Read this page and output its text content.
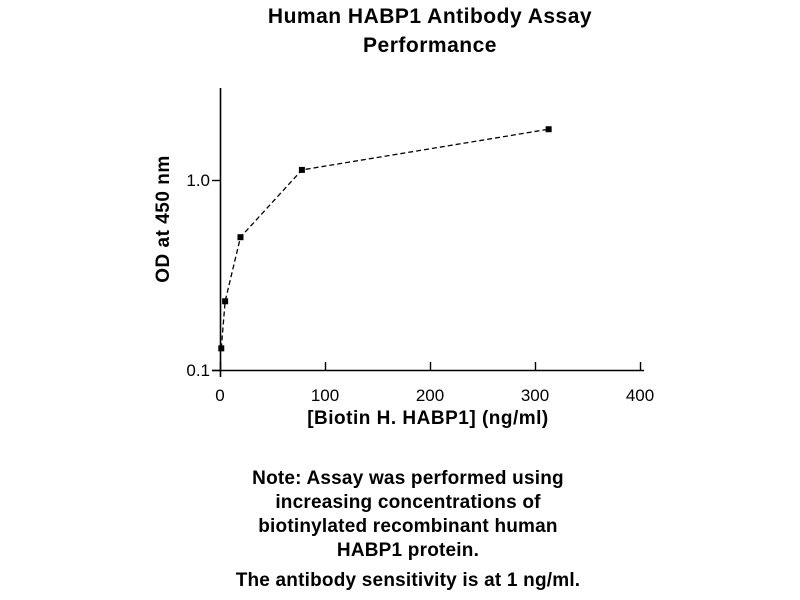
Human HABP1 Antibody Assay
Performance
OD at 450 nm
0	100	200	300	400
1.0
0.1
[Biotin H. HABP1] (ng/ml)
Note: Assay was performed using
increasing concentrations of
biotinylated recombinant human
HABP1 protein.
The antibody sensitivity is at 1 ng/ml.
